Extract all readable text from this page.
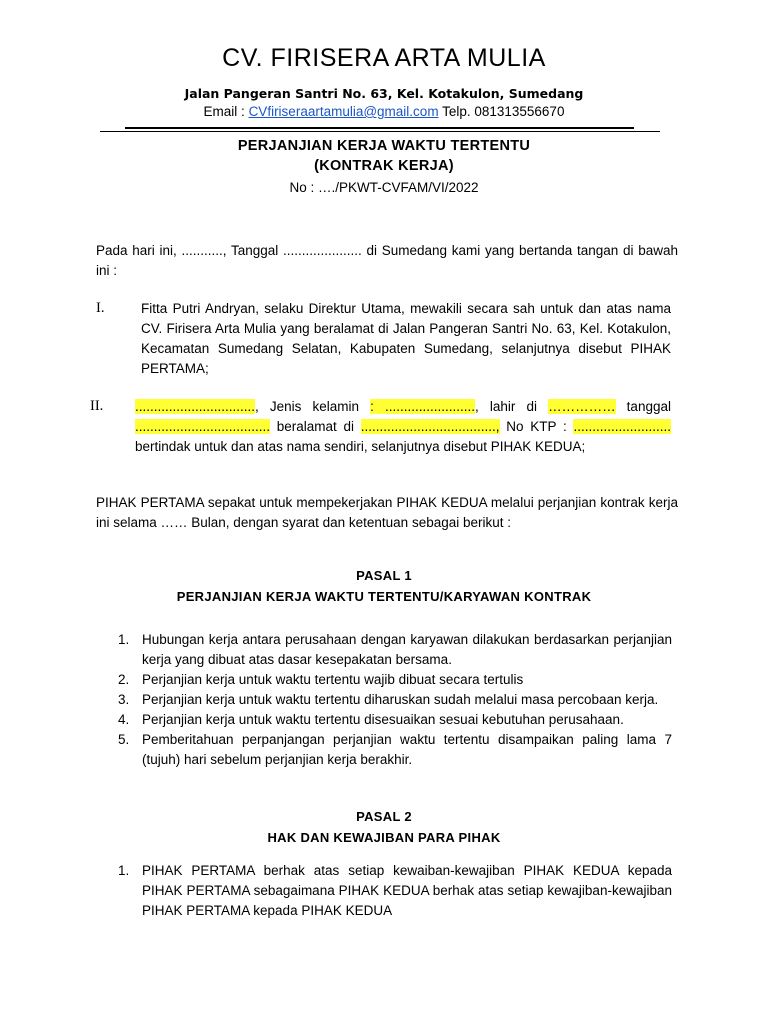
CV. FIRISERA ARTA MULIA
Jalan Pangeran Santri No. 63, Kel. Kotakulon, Sumedang
Email : CVfiriseraartamulia@gmail.com Telp. 081313556670
PERJANJIAN KERJA WAKTU TERTENTU
(KONTRAK KERJA)
No : …./PKWT-CVFAM/VI/2022
Pada hari ini, ..........., Tanggal ..................... di Sumedang kami yang bertanda tangan di bawah ini :
I.	Fitta Putri Andryan, selaku Direktur Utama, mewakili secara sah untuk dan atas nama CV. Firisera Arta Mulia yang beralamat di Jalan Pangeran Santri No. 63, Kel. Kotakulon, Kecamatan Sumedang Selatan, Kabupaten Sumedang, selanjutnya disebut PIHAK PERTAMA;
II. ................................, Jenis kelamin : ........................, lahir di …………… tanggal .................................... beralamat di ...................................., No KTP : .......................... bertindak untuk dan atas nama sendiri, selanjutnya disebut PIHAK KEDUA;
PIHAK PERTAMA sepakat untuk mempekerjakan PIHAK KEDUA melalui perjanjian kontrak kerja ini selama …… Bulan, dengan syarat dan ketentuan sebagai berikut :
PASAL 1
PERJANJIAN KERJA WAKTU TERTENTU/KARYAWAN KONTRAK
1. Hubungan kerja antara perusahaan dengan karyawan dilakukan berdasarkan perjanjian kerja yang dibuat atas dasar kesepakatan bersama.
2. Perjanjian kerja untuk waktu tertentu wajib dibuat secara tertulis
3. Perjanjian kerja untuk waktu tertentu diharuskan sudah melalui masa percobaan kerja.
4. Perjanjian kerja untuk waktu tertentu disesuaikan sesuai kebutuhan perusahaan.
5. Pemberitahuan perpanjangan perjanjian waktu tertentu disampaikan paling lama 7 (tujuh) hari sebelum perjanjian kerja berakhir.
PASAL 2
HAK DAN KEWAJIBAN PARA PIHAK
1. PIHAK PERTAMA berhak atas setiap kewaiban-kewajiban PIHAK KEDUA kepada PIHAK PERTAMA sebagaimana PIHAK KEDUA berhak atas setiap kewajiban-kewajiban PIHAK PERTAMA kepada PIHAK KEDUA
